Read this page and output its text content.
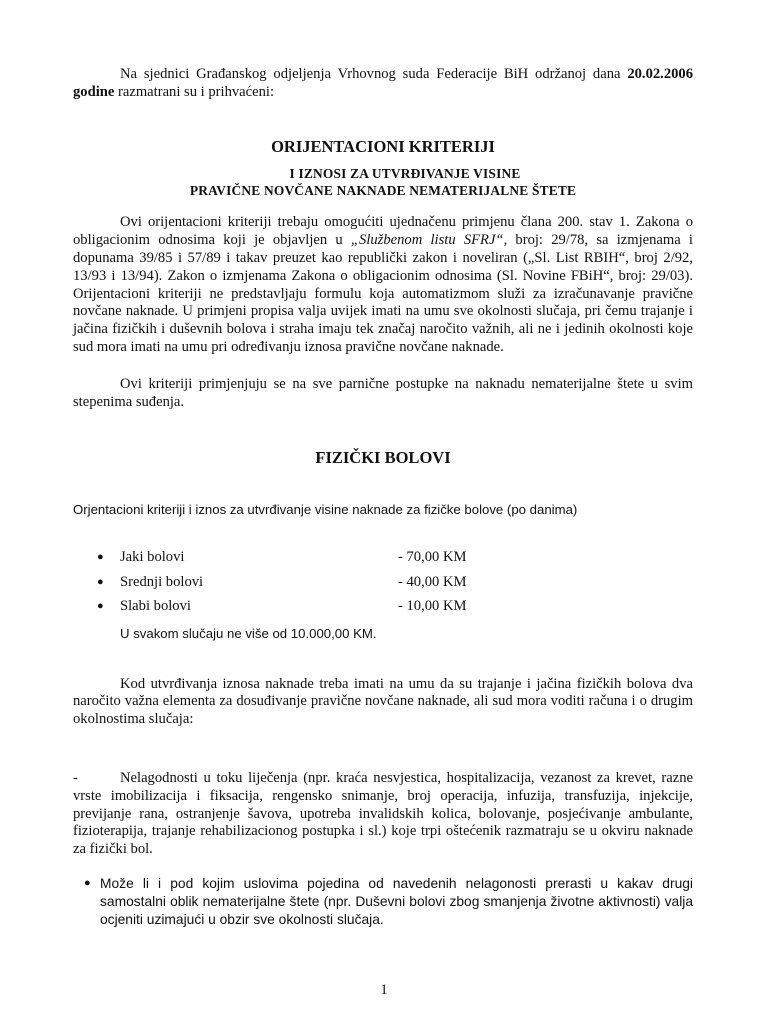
Na sjednici Građanskog odjeljenja Vrhovnog suda Federacije BiH održanoj dana 20.02.2006 godine razmatrani su i prihvaćeni:

ORIJENTACIONI KRITERIJI
I IZNOSI ZA UTVRĐIVANJE VISINE
PRAVIČNE NOVČANE NAKNADE NEMATERIJALNE ŠTETE

Ovi orijentacioni kriteriji trebaju omogućiti ujednačenu primjenu člana 200. stav 1. Zakona o obligacionim odnosima koji je objavljen u „Službenom listu SFRJ“, broj: 29/78, sa izmjenama i dopunama 39/85 i 57/89 i takav preuzet kao republički zakon i noveliran („Sl. List RBIH“, broj 2/92, 13/93 i 13/94). Zakon o izmjenama Zakona o obligacionim odnosima (Sl. Novine FBiH“, broj: 29/03). Orijentacioni kriteriji ne predstavljaju formulu koja automatizmom služi za izračunavanje pravične novčane naknade. U primjeni propisa valja uvijek imati na umu sve okolnosti slučaja, pri čemu trajanje i jačina fizičkih i duševnih bolova i straha imaju tek značaj naročito važnih, ali ne i jedinih okolnosti koje sud mora imati na umu pri određivanju iznosa pravične novčane naknade.

Ovi kriteriji primjenjuju se na sve parnične postupke na naknadu nematerijalne štete u svim stepenima suđenja.

FIZIČKI BOLOVI

Orjentacioni kriteriji i iznos za utvrđivanje visine naknade za fizičke bolove (po danima)

● Jaki bolovi	- 70,00 KM
● Srednji bolovi	- 40,00 KM
● Slabi bolovi	- 10,00 KM

U svakom slučaju ne više od 10.000,00 KM.

Kod utvrđivanja iznosa naknade treba imati na umu da su trajanje i jačina fizičkih bolova dva naročito važna elementa za dosuđivanje pravične novčane naknade, ali sud mora voditi računa i o drugim okolnostima slučaja:

-	Nelagodnosti u toku liječenja (npr. kraća nesvjestica, hospitalizacija, vezanost za krevet, razne vrste imobilizacija i fiksacija, rengensko snimanje, broj operacija, infuzija, transfuzija, injekcije, previjanje rana, ostranjenje šavova, upotreba invalidskih kolica, bolovanje, posjećivanje ambulante, fizioterapija, trajanje rehabilizacionog postupka i sl.) koje trpi oštećenik razmatraju se u okviru naknade za fizički bol.

● Može li i pod kojim uslovima pojedina od navedenih nelagonosti prerasti u kakav drugi samostalni oblik nematerijalne štete (npr. Duševni bolovi zbog smanjenja životne aktivnosti) valja ocjeniti uzimajući u obzir sve okolnosti slučaja.

1
